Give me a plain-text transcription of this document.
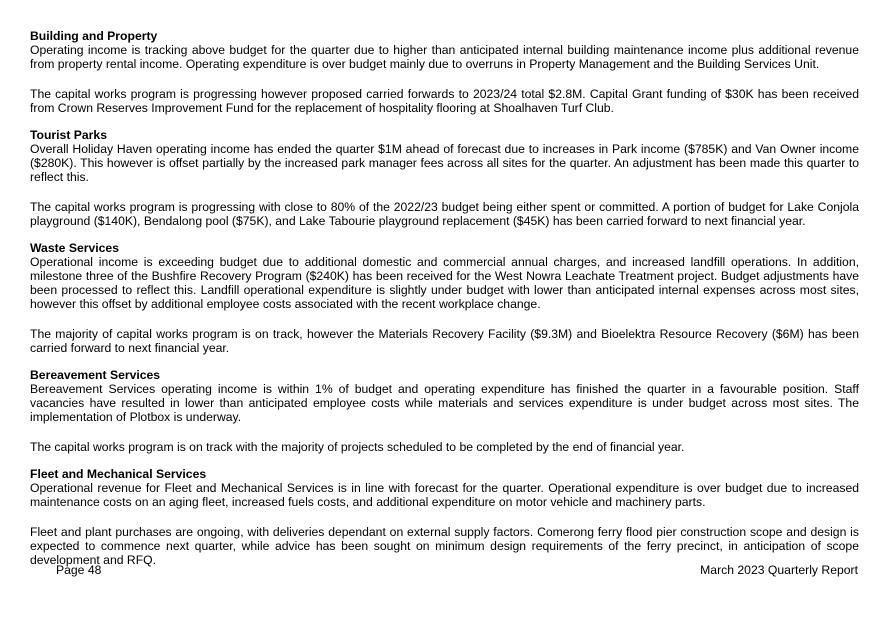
Building and Property

Operating income is tracking above budget for the quarter due to higher than anticipated internal building maintenance income plus additional revenue from property rental income. Operating expenditure is over budget mainly due to overruns in Property Management and the Building Services Unit.

The capital works program is progressing however proposed carried forwards to 2023/24 total $2.8M. Capital Grant funding of $30K has been received from Crown Reserves Improvement Fund for the replacement of hospitality flooring at Shoalhaven Turf Club.

Tourist Parks

Overall Holiday Haven operating income has ended the quarter $1M ahead of forecast due to increases in Park income ($785K) and Van Owner income ($280K). This however is offset partially by the increased park manager fees across all sites for the quarter. An adjustment has been made this quarter to reflect this.

The capital works program is progressing with close to 80% of the 2022/23 budget being either spent or committed. A portion of budget for Lake Conjola playground ($140K), Bendalong pool ($75K), and Lake Tabourie playground replacement ($45K) has been carried forward to next financial year.

Waste Services

Operational income is exceeding budget due to additional domestic and commercial annual charges, and increased landfill operations. In addition, milestone three of the Bushfire Recovery Program ($240K) has been received for the West Nowra Leachate Treatment project. Budget adjustments have been processed to reflect this. Landfill operational expenditure is slightly under budget with lower than anticipated internal expenses across most sites, however this offset by additional employee costs associated with the recent workplace change.

The majority of capital works program is on track, however the Materials Recovery Facility ($9.3M) and Bioelektra Resource Recovery ($6M) has been carried forward to next financial year.

Bereavement Services

Bereavement Services operating income is within 1% of budget and operating expenditure has finished the quarter in a favourable position. Staff vacancies have resulted in lower than anticipated employee costs while materials and services expenditure is under budget across most sites. The implementation of Plotbox is underway.

The capital works program is on track with the majority of projects scheduled to be completed by the end of financial year.

Fleet and Mechanical Services

Operational revenue for Fleet and Mechanical Services is in line with forecast for the quarter. Operational expenditure is over budget due to increased maintenance costs on an aging fleet, increased fuels costs, and additional expenditure on motor vehicle and machinery parts.

Fleet and plant purchases are ongoing, with deliveries dependant on external supply factors. Comerong ferry flood pier construction scope and design is expected to commence next quarter, while advice has been sought on minimum design requirements of the ferry precinct, in anticipation of scope development and RFQ.

Page 48	March 2023 Quarterly Report
